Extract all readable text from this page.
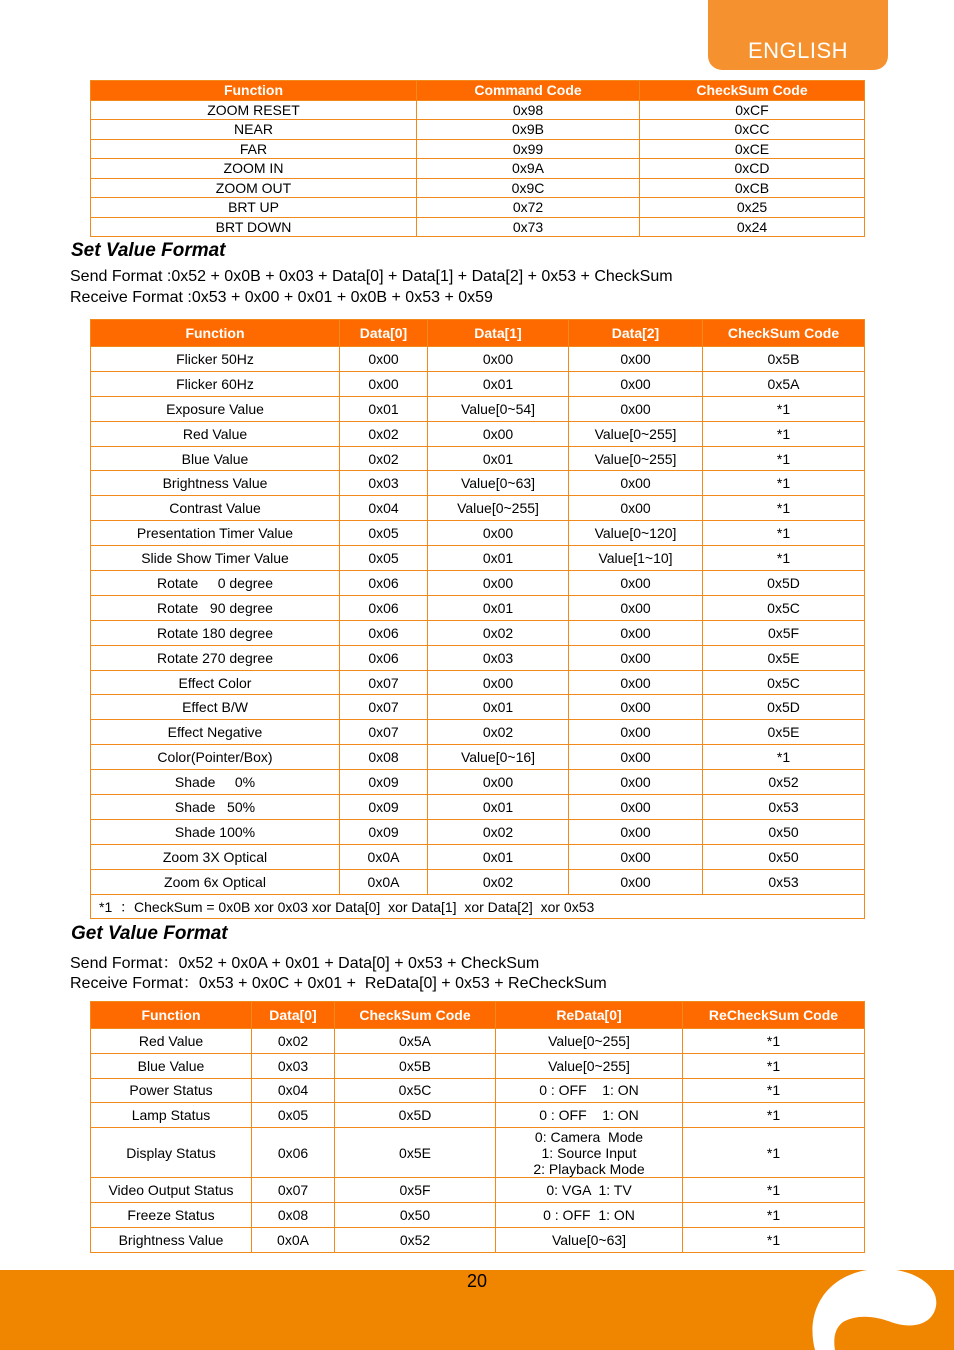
ENGLISH
Function	Command Code	CheckSum Code
ZOOM RESET	0x98	0xCF
NEAR	0x9B	0xCC
FAR	0x99	0xCE
ZOOM IN	0x9A	0xCD
ZOOM OUT	0x9C	0xCB
BRT UP	0x72	0x25
BRT DOWN	0x73	0x24
Set Value Format
Send Format :0x52 + 0x0B + 0x03 + Data[0] + Data[1] + Data[2] + 0x53 + CheckSum
Receive Format :0x53 + 0x00 + 0x01 + 0x0B + 0x53 + 0x59
Function	Data[0]	Data[1]	Data[2]	CheckSum Code
Flicker 50Hz	0x00	0x00	0x00	0x5B
Flicker 60Hz	0x00	0x01	0x00	0x5A
Exposure Value	0x01	Value[0~54]	0x00	*1
Red Value	0x02	0x00	Value[0~255]	*1
Blue Value	0x02	0x01	Value[0~255]	*1
Brightness Value	0x03	Value[0~63]	0x00	*1
Contrast Value	0x04	Value[0~255]	0x00	*1
Presentation Timer Value	0x05	0x00	Value[0~120]	*1
Slide Show Timer Value	0x05	0x01	Value[1~10]	*1
Rotate     0 degree	0x06	0x00	0x00	0x5D
Rotate   90 degree	0x06	0x01	0x00	0x5C
Rotate 180 degree	0x06	0x02	0x00	0x5F
Rotate 270 degree	0x06	0x03	0x00	0x5E
Effect Color	0x07	0x00	0x00	0x5C
Effect B/W	0x07	0x01	0x00	0x5D
Effect Negative	0x07	0x02	0x00	0x5E
Color(Pointer/Box)	0x08	Value[0~16]	0x00	*1
Shade     0%	0x09	0x00	0x00	0x52
Shade   50%	0x09	0x01	0x00	0x53
Shade 100%	0x09	0x02	0x00	0x50
Zoom 3X Optical	0x0A	0x01	0x00	0x50
Zoom 6x Optical	0x0A	0x02	0x00	0x53
*1  ：CheckSum = 0x0B xor 0x03 xor Data[0]  xor Data[1]  xor Data[2]  xor 0x53				
Get Value Format
Send Format：0x52 + 0x0A + 0x01 + Data[0] + 0x53 + CheckSum
Receive Format：0x53 + 0x0C + 0x01 +  ReData[0] + 0x53 + ReCheckSum
Function	Data[0]	CheckSum Code	ReData[0]	ReCheckSum Code
Red Value	0x02	0x5A	Value[0~255]	*1
Blue Value	0x03	0x5B	Value[0~255]	*1
Power Status	0x04	0x5C	0 : OFF    1: ON	*1
Lamp Status	0x05	0x5D	0 : OFF    1: ON	*1
Display Status	0x06	0x5E	0: Camera  Mode
1: Source Input
2: Playback Mode	*1
Video Output Status	0x07	0x5F	0: VGA  1: TV	*1
Freeze Status	0x08	0x50	0 : OFF  1: ON	*1
Brightness Value	0x0A	0x52	Value[0~63]	*1
20
